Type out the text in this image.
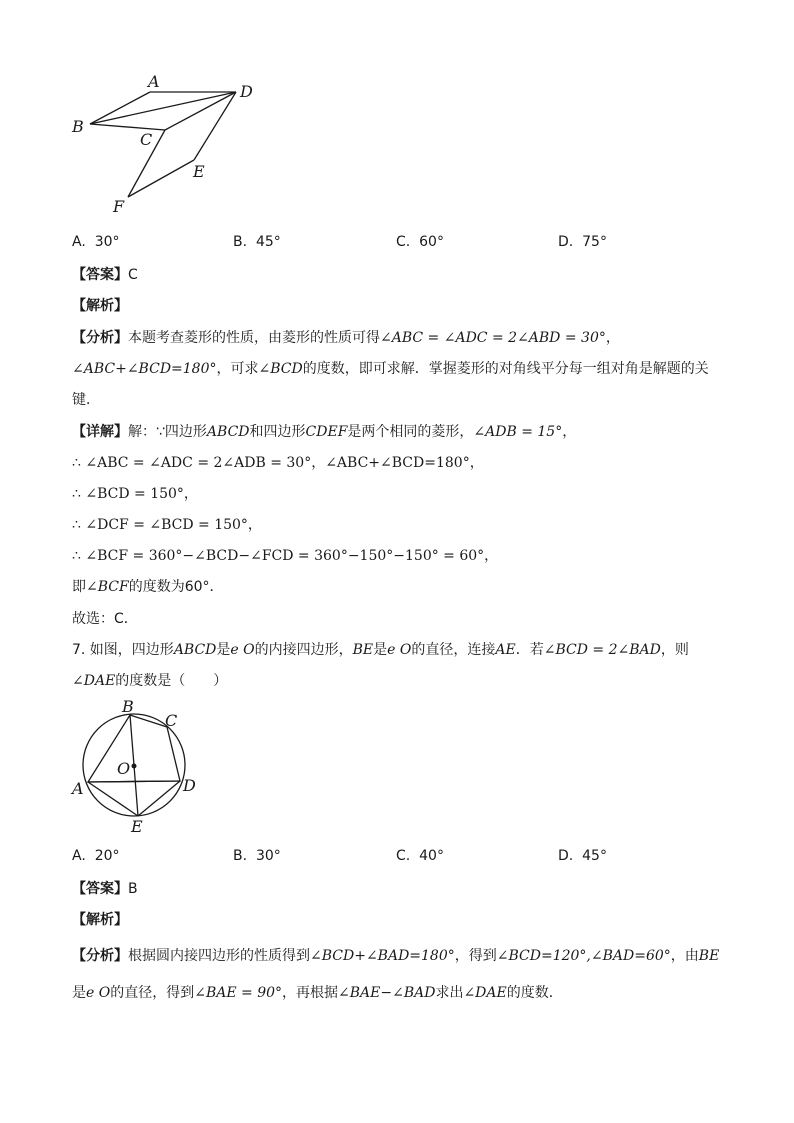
A
D
B
C
E
F
A. 30°	B. 45°	C. 60°	D. 75°
【答案】C
【解析】
【分析】本题考查菱形的性质，由菱形的性质可得∠ABC = ∠ADC = 2∠ABD = 30°，
∠ABC+∠BCD=180°，可求∠BCD的度数，即可求解．掌握菱形的对角线平分每一组对角是解题的关
键．
【详解】解：∵四边形ABCD和四边形CDEF是两个相同的菱形，∠ADB = 15°，
∴ ∠ABC = ∠ADC = 2∠ADB = 30°，∠ABC+∠BCD=180°，
∴ ∠BCD = 150°，
∴ ∠DCF = ∠BCD = 150°，
∴ ∠BCF = 360°−∠BCD−∠FCD = 360°−150°−150° = 60°，
即∠BCF的度数为60°．
故选：C．
7. 如图，四边形ABCD是e O的内接四边形，BE是e O的直径，连接AE．若∠BCD = 2∠BAD，则
∠DAE的度数是（　　）
B
C
O
D
A
E
A. 20°	B. 30°	C. 40°	D. 45°
【答案】B
【解析】
【分析】根据圆内接四边形的性质得到∠BCD+∠BAD=180°，得到∠BCD=120°,∠BAD=60°，由BE
是e O的直径，得到∠BAE = 90°，再根据∠BAE−∠BAD求出∠DAE的度数．
